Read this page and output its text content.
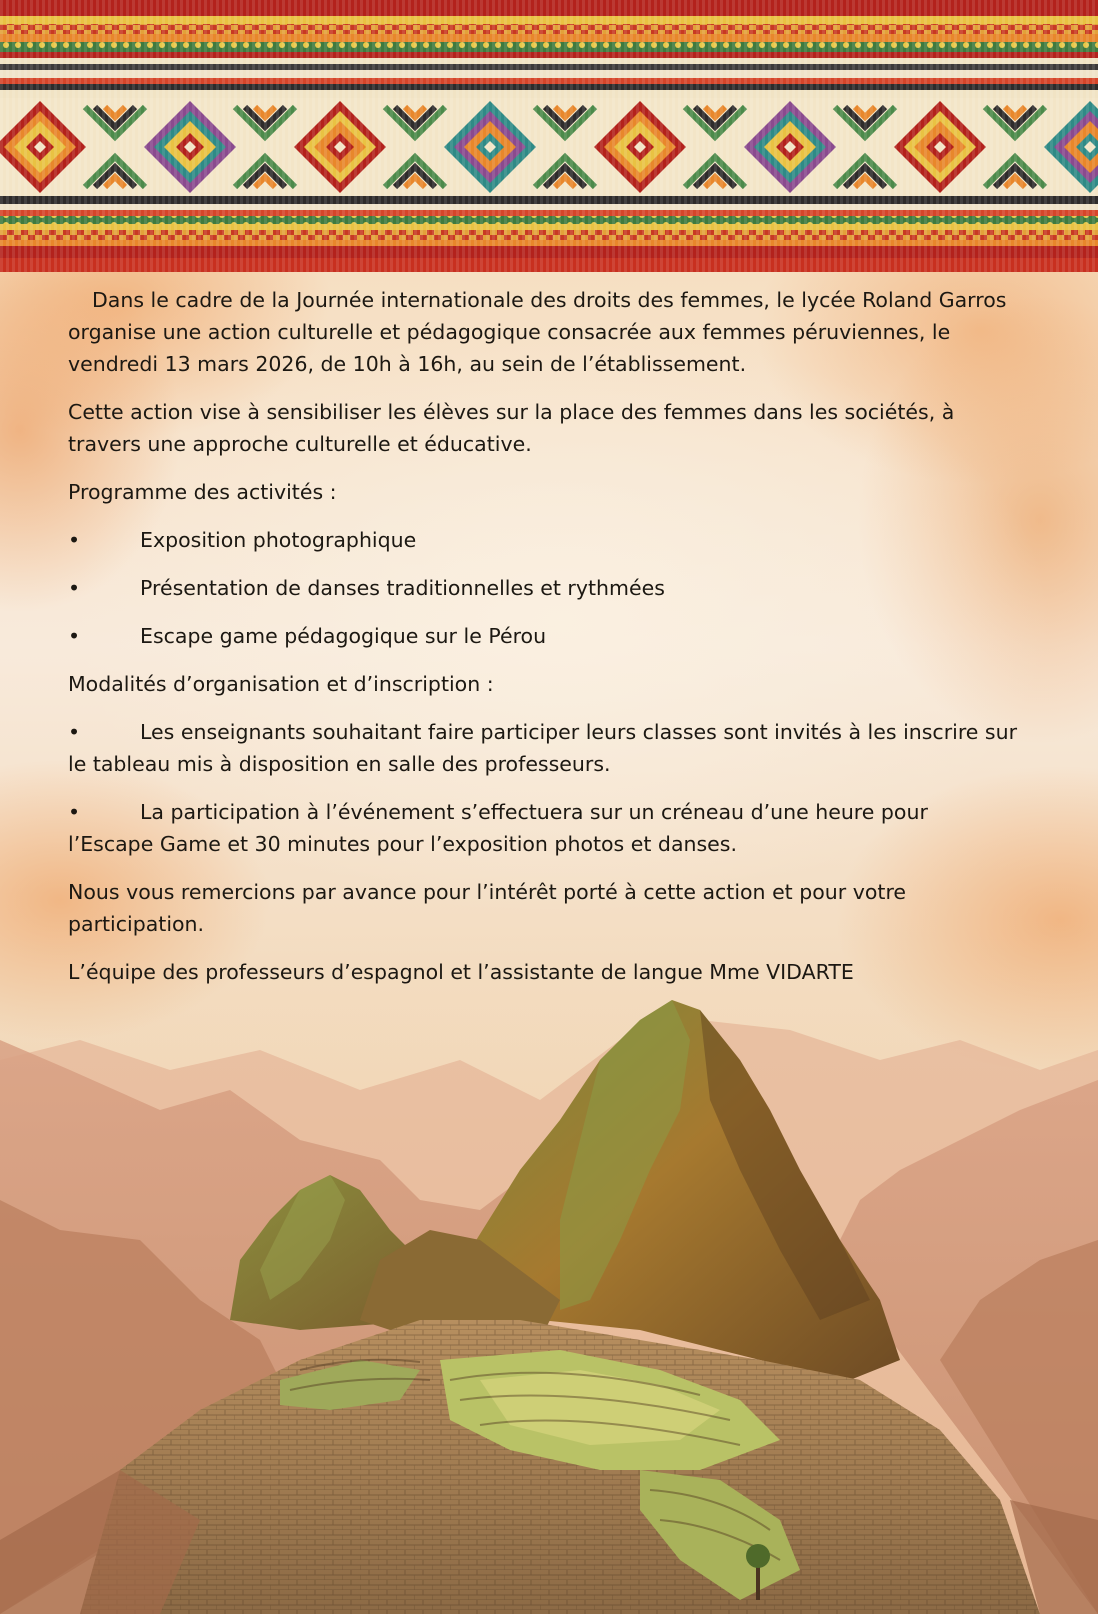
Dans le cadre de la Journée internationale des droits des femmes, le lycée Roland Garros organise une action culturelle et pédagogique consacrée aux femmes péruviennes, le vendredi 13 mars 2026, de 10h à 16h, au sein de l’établissement.

Cette action vise à sensibiliser les élèves sur la place des femmes dans les sociétés, à travers une approche culturelle et éducative.

Programme des activités :

•	Exposition photographique

•	Présentation de danses traditionnelles et rythmées

•	Escape game pédagogique sur le Pérou

Modalités d’organisation et d’inscription :

•	Les enseignants souhaitant faire participer leurs classes sont invités à les inscrire sur le tableau mis à disposition en salle des professeurs.

•	La participation à l’événement s’effectuera sur un créneau d’une heure pour l’Escape Game et 30 minutes pour l’exposition photos et danses.

Nous vous remercions par avance pour l’intérêt porté à cette action et pour votre participation.

L’équipe des professeurs d’espagnol et l’assistante de langue Mme VIDARTE
